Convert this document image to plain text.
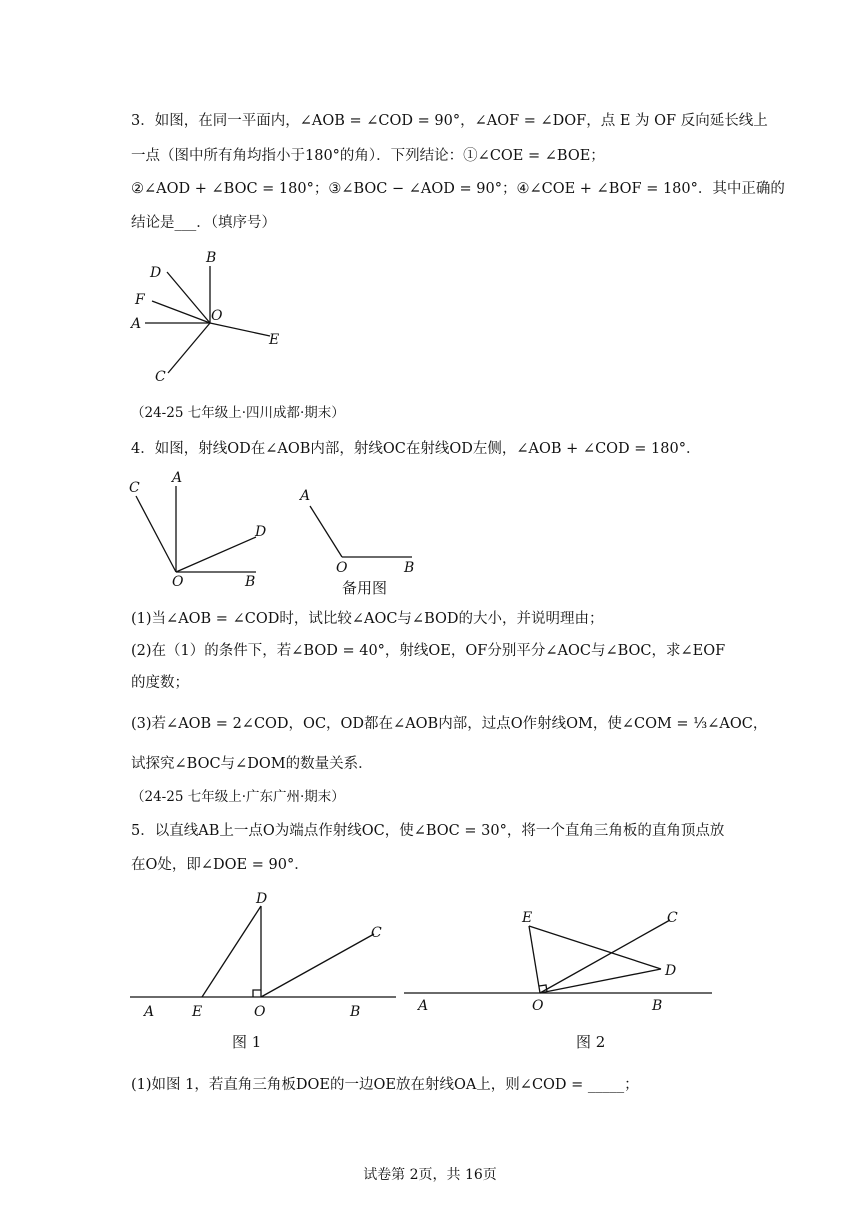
3．如图，在同一平面内，∠AOB = ∠COD = 90°，∠AOF = ∠DOF，点 E 为 OF 反向延长线上
一点（图中所有角均指小于180°的角）．下列结论：①∠COE = ∠BOE；
②∠AOD + ∠BOC = 180°；③∠BOC − ∠AOD = 90°；④∠COE + ∠BOF = 180°．其中正确的
结论是___．（填序号）
D
B
F
O
A
E
C
（24-25 七年级上·四川成都·期末）
4．如图，射线OD在∠AOB内部，射线OC在射线OD左侧，∠AOB + ∠COD = 180°．
C
A
D
O	B
A
O	B
备用图
(1)当∠AOB = ∠COD时，试比较∠AOC与∠BOD的大小，并说明理由；
(2)在（1）的条件下，若∠BOD = 40°，射线OE，OF分别平分∠AOC与∠BOC，求∠EOF
的度数；
(3)若∠AOB = 2∠COD，OC，OD都在∠AOB内部，过点O作射线OM，使∠COM = ⅓∠AOC，
试探究∠BOC与∠DOM的数量关系．
（24-25 七年级上·广东广州·期末）
5．以直线AB上一点O为端点作射线OC，使∠BOC = 30°，将一个直角三角板的直角顶点放
在O处，即∠DOE = 90°．
D
C
A	E	O	B
图 1
E	C
D
A	O	B
图 2
(1)如图 1，若直角三角板DOE的一边OE放在射线OA上，则∠COD = _____；
试卷第 2页，共 16页
